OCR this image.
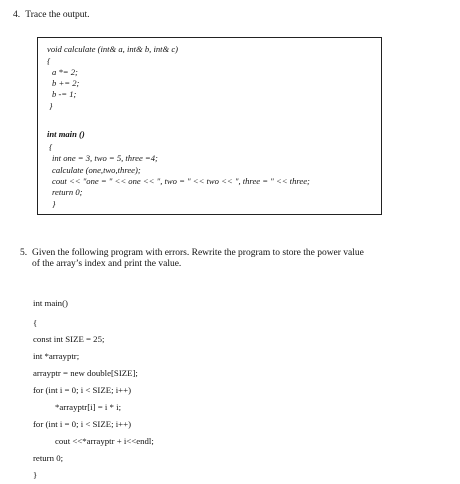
4. Trace the output.
void calculate (int& a, int& b, int& c)
{
a *= 2;
b += 2;
b -= 1;
}
int main ()
{
int one = 3, two = 5, three =4;
calculate (one,two,three);
cout << "one = " << one << ", two = " << two << ", three = " << three;
return 0;
}
5. Given the following program with errors. Rewrite the program to store the power value
of the array’s index and print the value.
int main()
{
const int SIZE = 25;
int *arrayptr;
arrayptr = new double[SIZE];
for (int i = 0; i < SIZE; i++)
*arrayptr[i] = i * i;
for (int i = 0; i < SIZE; i++)
cout <<*arrayptr + i<<endl;
return 0;
}
